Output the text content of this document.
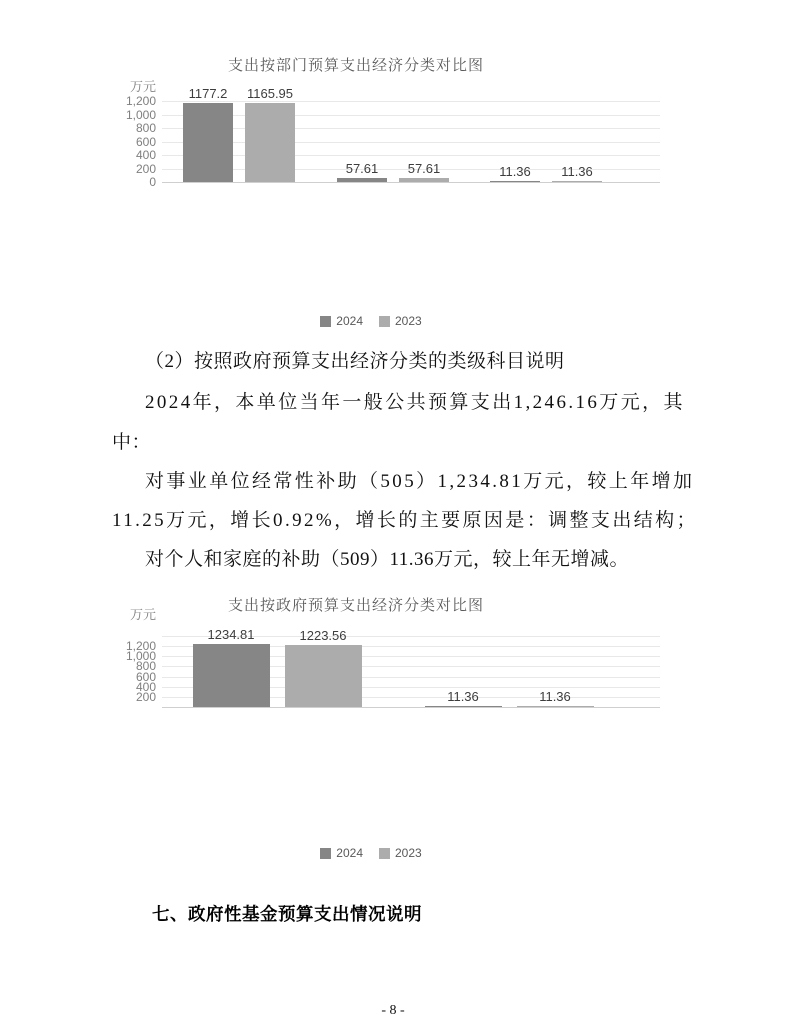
支出按部门预算支出经济分类对比图
万元
1,200
1,000
800
600
400
200
0
1177.2	1165.95
57.61	57.61	11.36	11.36
2024	2023
（2）按照政府预算支出经济分类的类级科目说明
2024年，本单位当年一般公共预算支出1,246.16万元，其
中：
对事业单位经常性补助（505）1,234.81万元，较上年增加
11.25万元，增长0.92%，增长的主要原因是：调整支出结构；
对个人和家庭的补助（509）11.36万元，较上年无增减。
支出按政府预算支出经济分类对比图
万元
1,200
1,000
800
600
400
200
1234.81	1223.56
11.36	11.36
2024	2023
七、政府性基金预算支出情况说明
- 8 -
